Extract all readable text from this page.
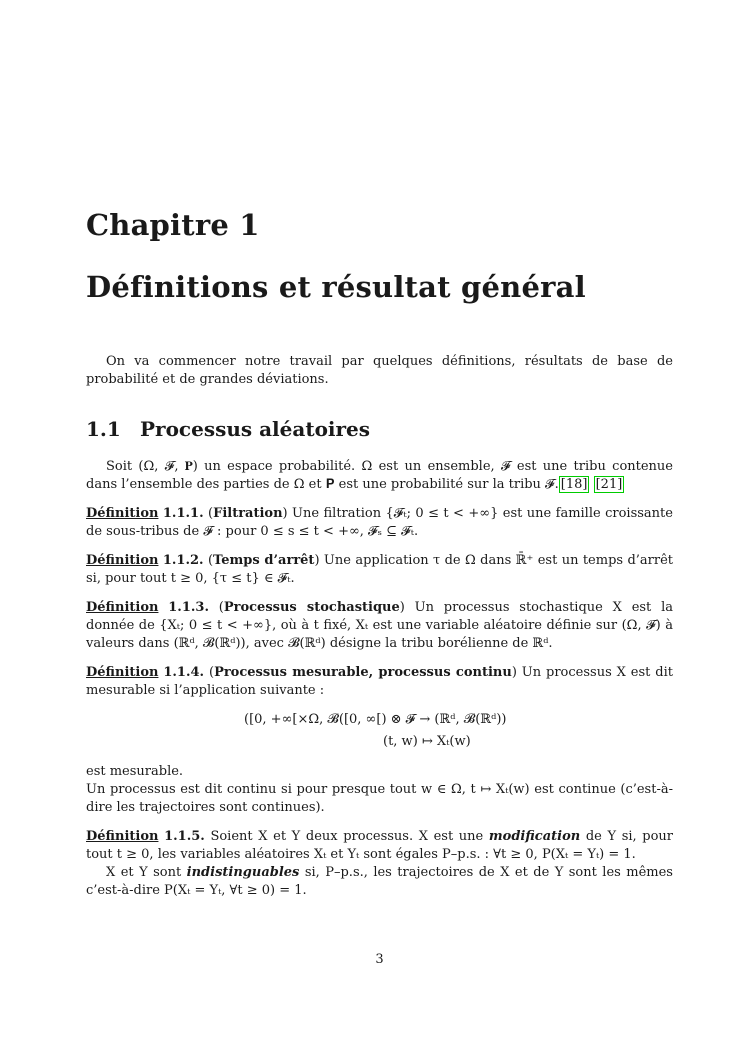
Chapitre 1
Définitions et résultat général

On va commencer notre travail par quelques définitions, résultats de base de probabilité et de grandes déviations.

1.1 Processus aléatoires

Soit (Ω, 𝓕, 𝐏) un espace probabilité. Ω est un ensemble, 𝓕 est une tribu contenue dans l’ensemble des parties de Ω et 𝐏 est une probabilité sur la tribu 𝓕. [18] [21]

Définition 1.1.1. (Filtration) Une filtration {𝓕ₜ; 0 ≤ t < +∞} est une famille croissante de sous-tribus de 𝓕 : pour 0 ≤ s ≤ t < +∞, 𝓕ₛ ⊆ 𝓕ₜ.

Définition 1.1.2. (Temps d’arrêt) Une application τ de Ω dans ℝ̄⁺ est un temps d’arrêt si, pour tout t ≥ 0, {τ ≤ t} ∈ 𝓕ₜ.

Définition 1.1.3. (Processus stochastique) Un processus stochastique X est la donnée de {Xₜ; 0 ≤ t < +∞}, où à t fixé, Xₜ est une variable aléatoire définie sur (Ω, 𝓕) à valeurs dans (ℝᵈ, 𝓑(ℝᵈ)), avec 𝓑(ℝᵈ) désigne la tribu borélienne de ℝᵈ.

Définition 1.1.4. (Processus mesurable, processus continu) Un processus X est dit mesurable si l’application suivante :

([0, +∞[×Ω, 𝓑([0, ∞[) ⊗ 𝓕 → (ℝᵈ, 𝓑(ℝᵈ))
(t, w) ↦ Xₜ(w)

est mesurable.

Un processus est dit continu si pour presque tout w ∈ Ω, t ↦ Xₜ(w) est continue (c’est-à-dire les trajectoires sont continues).

Définition 1.1.5. Soient X et Y deux processus. X est une modification de Y si, pour tout t ≥ 0, les variables aléatoires Xₜ et Yₜ sont égales P–p.s. : ∀t ≥ 0, P(Xₜ = Yₜ) = 1.

X et Y sont indistinguables si, P–p.s., les trajectoires de X et de Y sont les mêmes c’est-à-dire P(Xₜ = Yₜ, ∀t ≥ 0) = 1.

3
